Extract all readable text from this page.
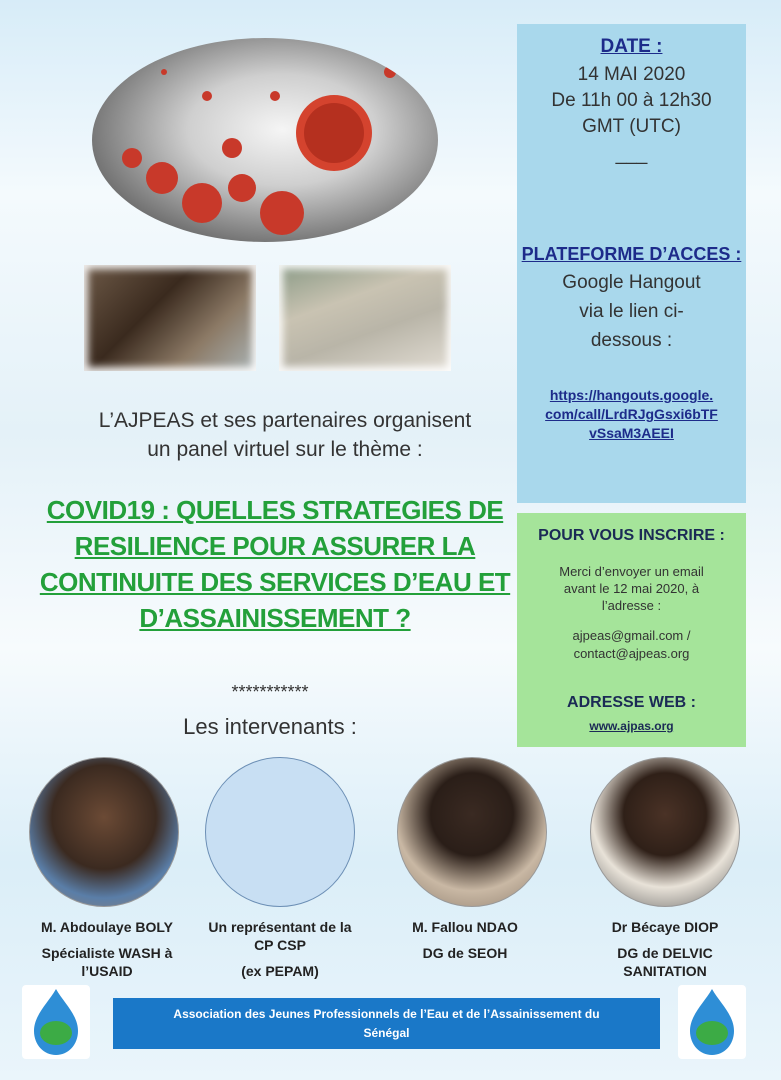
L’AJPEAS et ses partenaires organisent
un panel virtuel sur le thème :
COVID19 : QUELLES STRATEGIES DE
RESILIENCE POUR ASSURER LA
CONTINUITE DES SERVICES D’EAU ET
D’ASSAINISSEMENT ?
***********
Les intervenants :
DATE :
14 MAI 2020
De 11h 00 à 12h30
GMT (UTC)
___
PLATEFORME D’ACCES :
Google Hangout
via le lien ci-
dessous :
https://hangouts.google.
com/call/LrdRJgGsxi6bTF
vSsaM3AEEI
POUR VOUS INSCRIRE :
Merci d’envoyer un email
avant le 12 mai 2020, à
l’adresse :
ajpeas@gmail.com /
contact@ajpeas.org
ADRESSE WEB :
www.ajpas.org
M. Abdoulaye BOLY
Spécialiste WASH à
l’USAID
Un représentant de la
CP CSP
(ex PEPAM)
M. Fallou NDAO
DG de SEOH
Dr Bécaye DIOP
DG de DELVIC
SANITATION
Association des Jeunes Professionnels de l’Eau et de l’Assainissement du
Sénégal
